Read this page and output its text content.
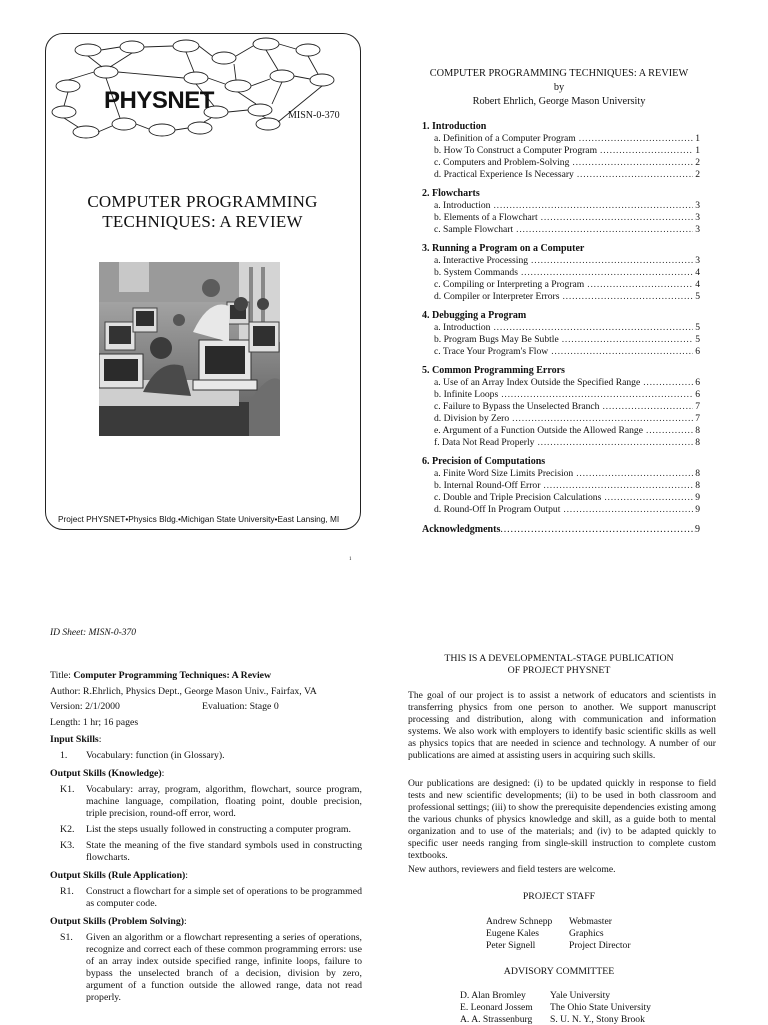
PHYSNET
MISN-0-370
COMPUTER PROGRAMMING
TECHNIQUES: A REVIEW
Project PHYSNET•Physics Bldg.•Michigan State University•East Lansing, MI
COMPUTER PROGRAMMING TECHNIQUES: A REVIEW
by
Robert Ehrlich, George Mason University
1. Introduction
a. Definition of a Computer Program . . .	1
b. How To Construct a Computer Program . . .	1
c. Computers and Problem-Solving . . .	2
d. Practical Experience Is Necessary . . .	2
2. Flowcharts
a. Introduction . . .	3
b. Elements of a Flowchart . . .	3
c. Sample Flowchart . . .	3
3. Running a Program on a Computer
a. Interactive Processing . . .	3
b. System Commands . . .	4
c. Compiling or Interpreting a Program . . .	4
d. Compiler or Interpreter Errors . . .	5
4. Debugging a Program
a. Introduction . . .	5
b. Program Bugs May Be Subtle . . .	5
c. Trace Your Program's Flow . . .	6
5. Common Programming Errors
a. Use of an Array Index Outside the Specified Range . . .	6
b. Infinite Loops . . .	6
c. Failure to Bypass the Unselected Branch . . .	7
d. Division by Zero . . .	7
e. Argument of a Function Outside the Allowed Range . . .	8
f. Data Not Read Properly . . .	8
6. Precision of Computations
a. Finite Word Size Limits Precision . . .	8
b. Internal Round-Off Error . . .	8
c. Double and Triple Precision Calculations . . .	9
d. Round-Off In Program Output . . .	9
Acknowledgments . . .	9
1
ID Sheet: MISN-0-370
Title: Computer Programming Techniques: A Review
Author: R.Ehrlich, Physics Dept., George Mason Univ., Fairfax, VA
Version: 2/1/2000	Evaluation: Stage 0
Length: 1 hr; 16 pages
Input Skills:
1.	Vocabulary: function (in Glossary).
Output Skills (Knowledge):
K1.	Vocabulary: array, program, algorithm, flowchart, source program, machine language, compilation, floating point, double precision, triple precision, round-off error, word.
K2.	List the steps usually followed in constructing a computer program.
K3.	State the meaning of the five standard symbols used in constructing flowcharts.
Output Skills (Rule Application):
R1.	Construct a flowchart for a simple set of operations to be programmed as computer code.
Output Skills (Problem Solving):
S1.	Given an algorithm or a flowchart representing a series of operations, recognize and correct each of these common programming errors: use of an array index outside specified range, infinite loops, failure to bypass the unselected branch of a decision, division by zero, argument of a function outside the allowed range, data not read properly.
THIS IS A DEVELOPMENTAL-STAGE PUBLICATION
OF PROJECT PHYSNET
The goal of our project is to assist a network of educators and scientists in transferring physics from one person to another. We support manuscript processing and distribution, along with communication and information systems. We also work with employers to identify basic scientific skills as well as physics topics that are needed in science and technology. A number of our publications are aimed at assisting users in acquiring such skills.
Our publications are designed: (i) to be updated quickly in response to field tests and new scientific developments; (ii) to be used in both classroom and professional settings; (iii) to show the prerequisite dependencies existing among the various chunks of physics knowledge and skill, as a guide both to mental organization and to use of the materials; and (iv) to be adapted quickly to specific user needs ranging from single-skill instruction to complete custom textbooks.
New authors, reviewers and field testers are welcome.
PROJECT STAFF
Andrew Schnepp	Webmaster
Eugene Kales	Graphics
Peter Signell	Project Director
ADVISORY COMMITTEE
D. Alan Bromley	Yale University
E. Leonard Jossem	The Ohio State University
A. A. Strassenburg	S. U. N. Y., Stony Brook
